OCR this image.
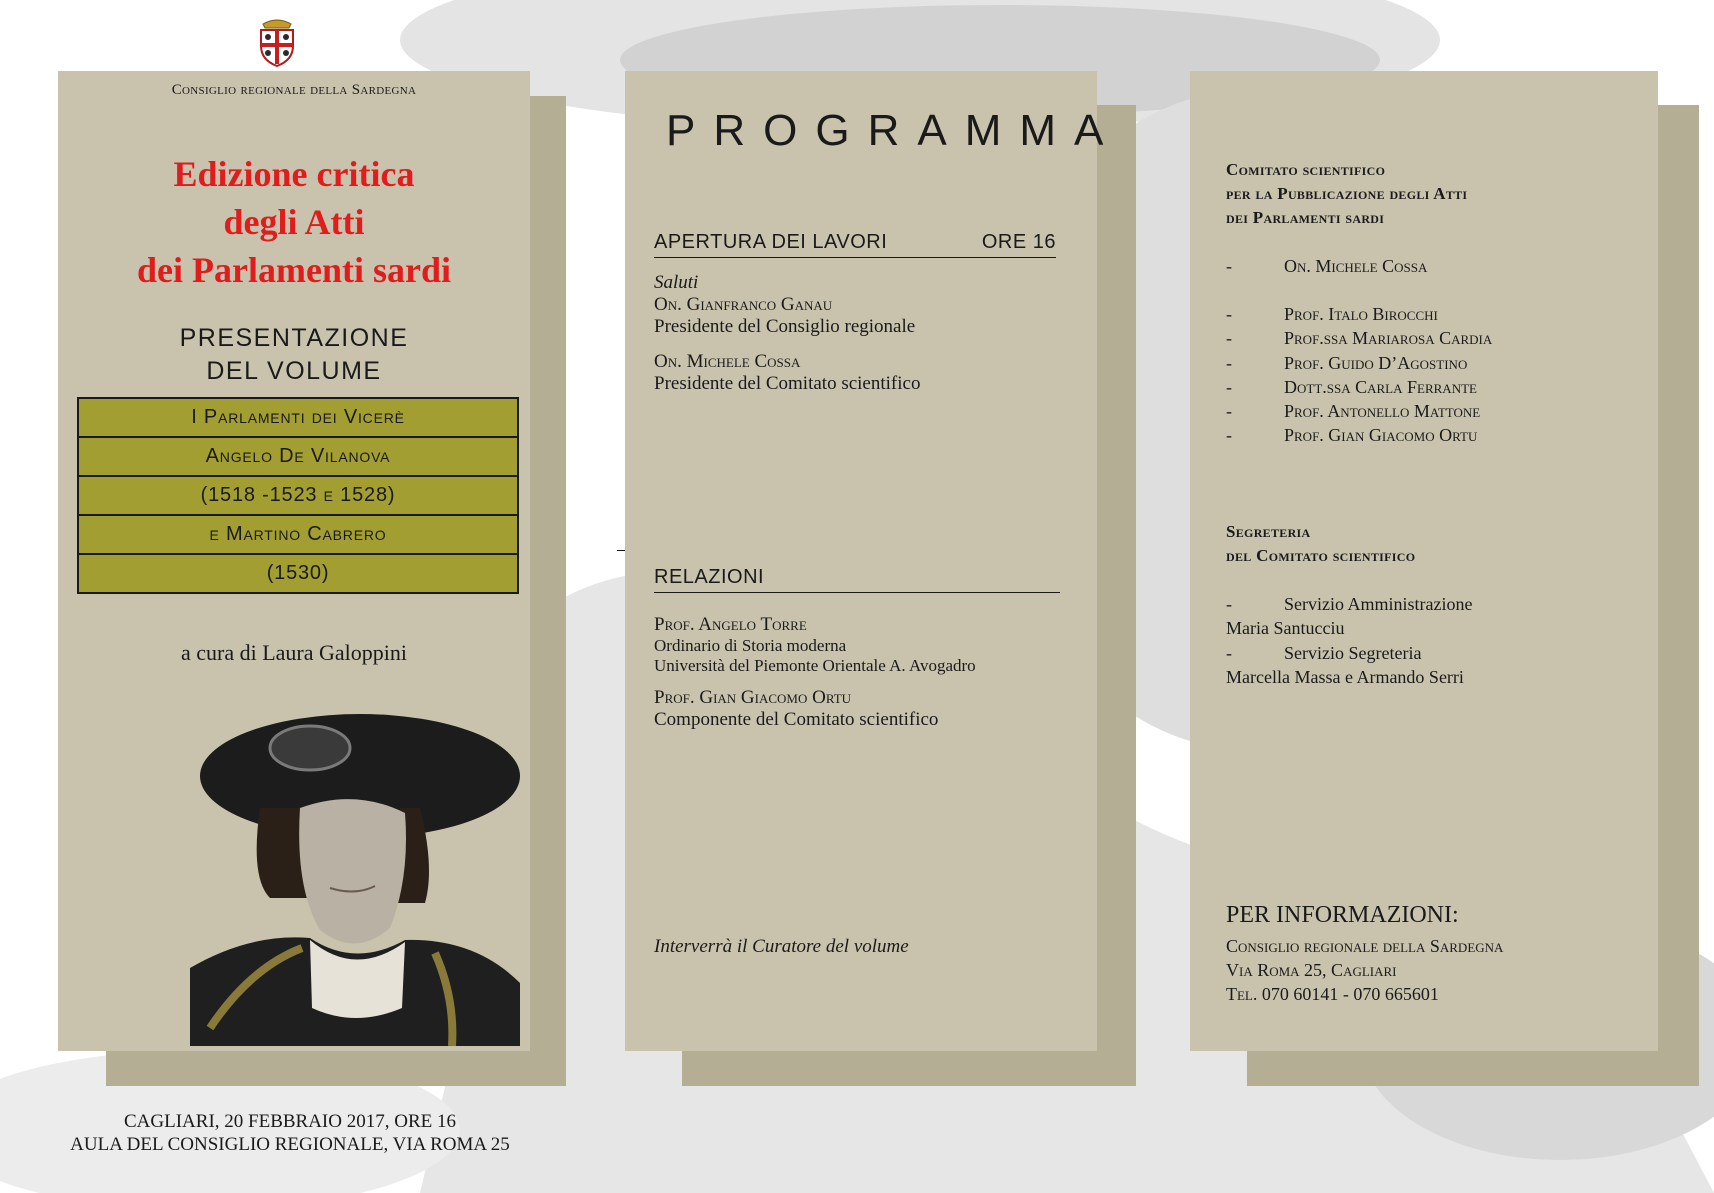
Consiglio regionale della Sardegna
Edizione critica
degli Atti
dei Parlamenti sardi
PRESENTAZIONE
DEL VOLUME
I Parlamenti dei Vicerè
Angelo De Vilanova
(1518 -1523 e 1528)
e Martino Cabrero
(1530)
a cura di Laura Galoppini
CAGLIARI, 20 FEBBRAIO 2017, ORE 16
AULA DEL CONSIGLIO REGIONALE, VIA ROMA 25
PROGRAMMA
APERTURA DEI LAVORI	ORE 16
Saluti
On. Gianfranco Ganau
Presidente del Consiglio regionale
On. Michele Cossa
Presidente del Comitato scientifico
RELAZIONI
Prof. Angelo Torre
Ordinario di Storia moderna
Università del Piemonte Orientale A. Avogadro
Prof. Gian Giacomo Ortu
Componente del Comitato scientifico
Interverrà il Curatore del volume
Comitato scientifico
per la Pubblicazione degli Atti
dei Parlamenti sardi
-	On. Michele Cossa
-	Prof. Italo Birocchi
-	Prof.ssa Mariarosa Cardia
-	Prof. Guido D’Agostino
-	Dott.ssa Carla Ferrante
-	Prof. Antonello Mattone
-	Prof. Gian Giacomo Ortu
Segreteria
del Comitato scientifico
-	Servizio Amministrazione
Maria Santucciu
-	Servizio Segreteria
Marcella Massa e Armando Serri
PER INFORMAZIONI:
Consiglio regionale della Sardegna
Via Roma 25, Cagliari
Tel. 070 60141 - 070 665601
